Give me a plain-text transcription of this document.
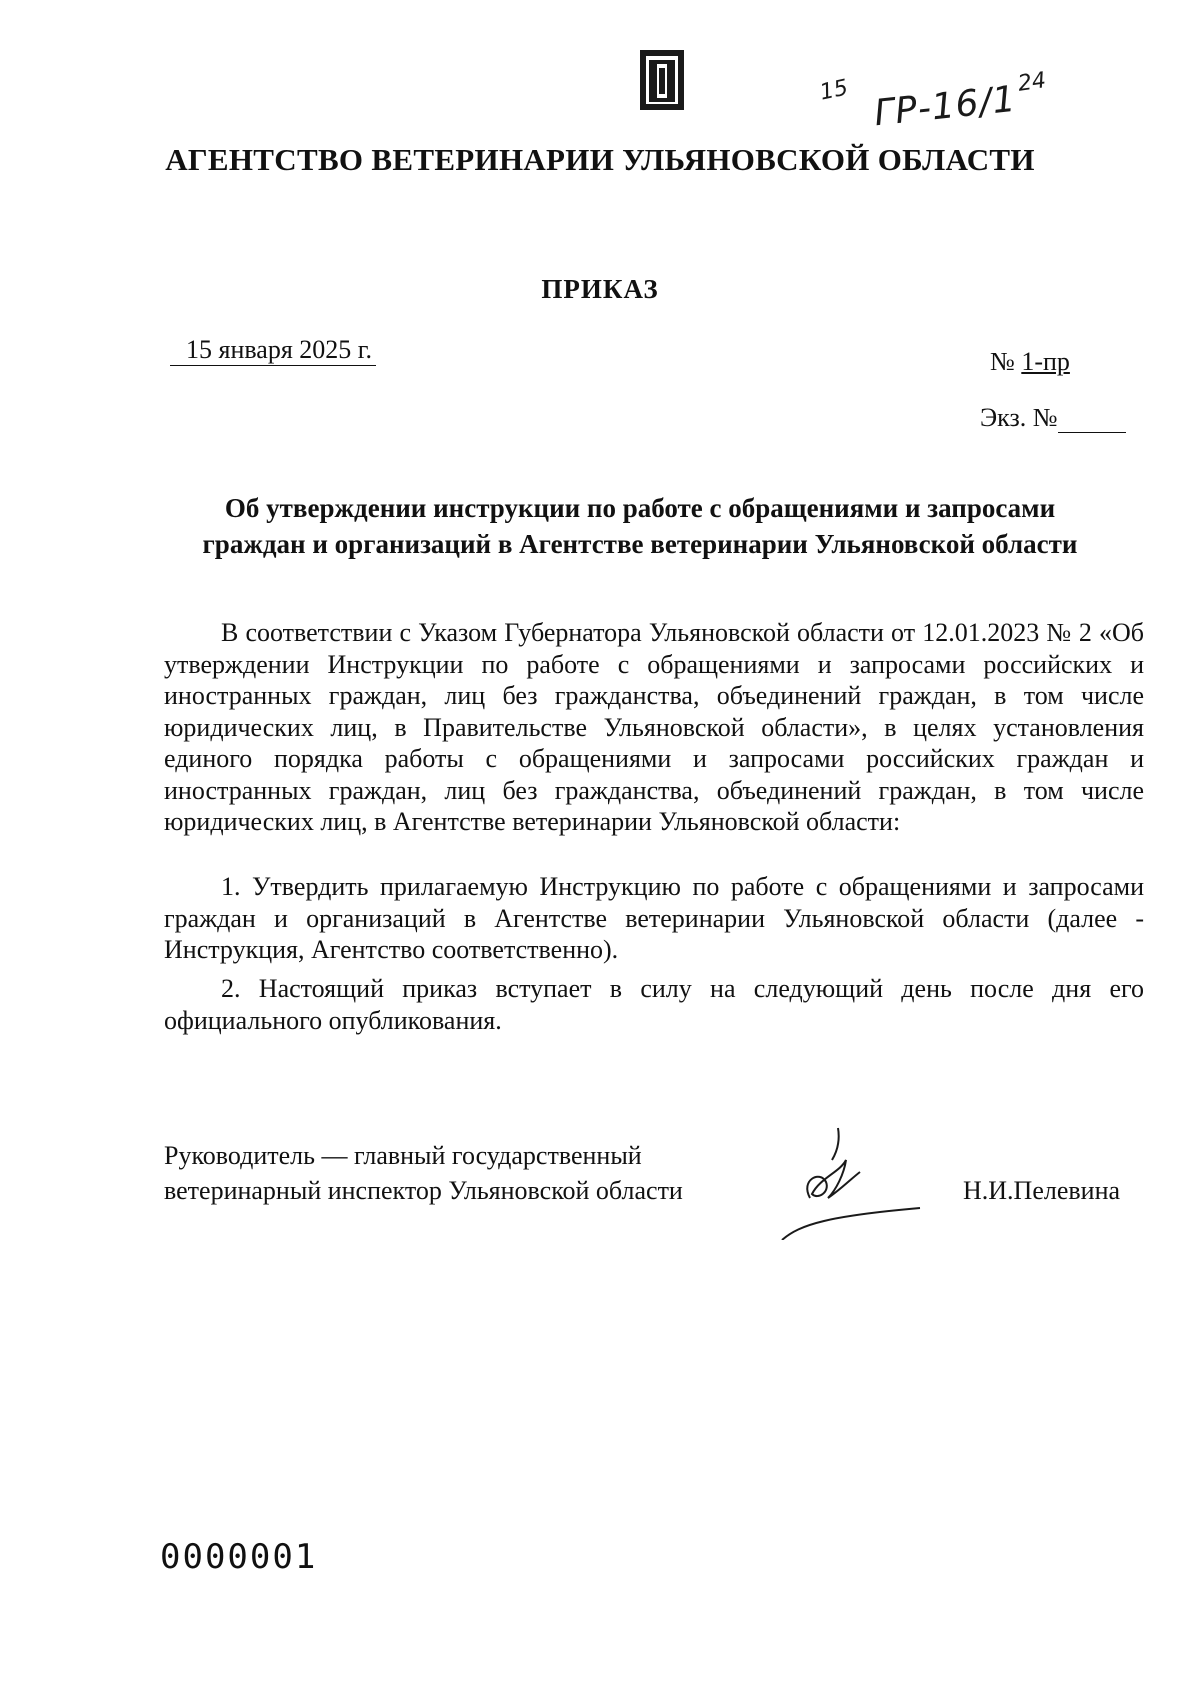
15 ГР-16/1
24
АГЕНТСТВО ВЕТЕРИНАРИИ УЛЬЯНОВСКОЙ ОБЛАСТИ
ПРИКАЗ
15 января 2025 г.	№ 1-пр
Экз. №
Об утверждении инструкции по работе с обращениями и запросами
граждан и организаций в Агентстве ветеринарии Ульяновской области
В соответствии с Указом Губернатора Ульяновской области от 12.01.2023 № 2 «Об утверждении Инструкции по работе с обращениями и запросами российских и иностранных граждан, лиц без гражданства, объединений граждан, в том числе юридических лиц, в Правительстве Ульяновской области», в целях установления единого порядка работы с обращениями и запросами российских граждан и иностранных граждан, лиц без гражданства, объединений граждан, в том числе юридических лиц, в Агентстве ветеринарии Ульяновской области:
1. Утвердить прилагаемую Инструкцию по работе с обращениями и запросами граждан и организаций в Агентстве ветеринарии Ульяновской области (далее - Инструкция, Агентство соответственно).
2. Настоящий приказ вступает в силу на следующий день после дня его официального опубликования.
Руководитель — главный государственный
ветеринарный инспектор Ульяновской области	Н.И.Пелевина
0000001
